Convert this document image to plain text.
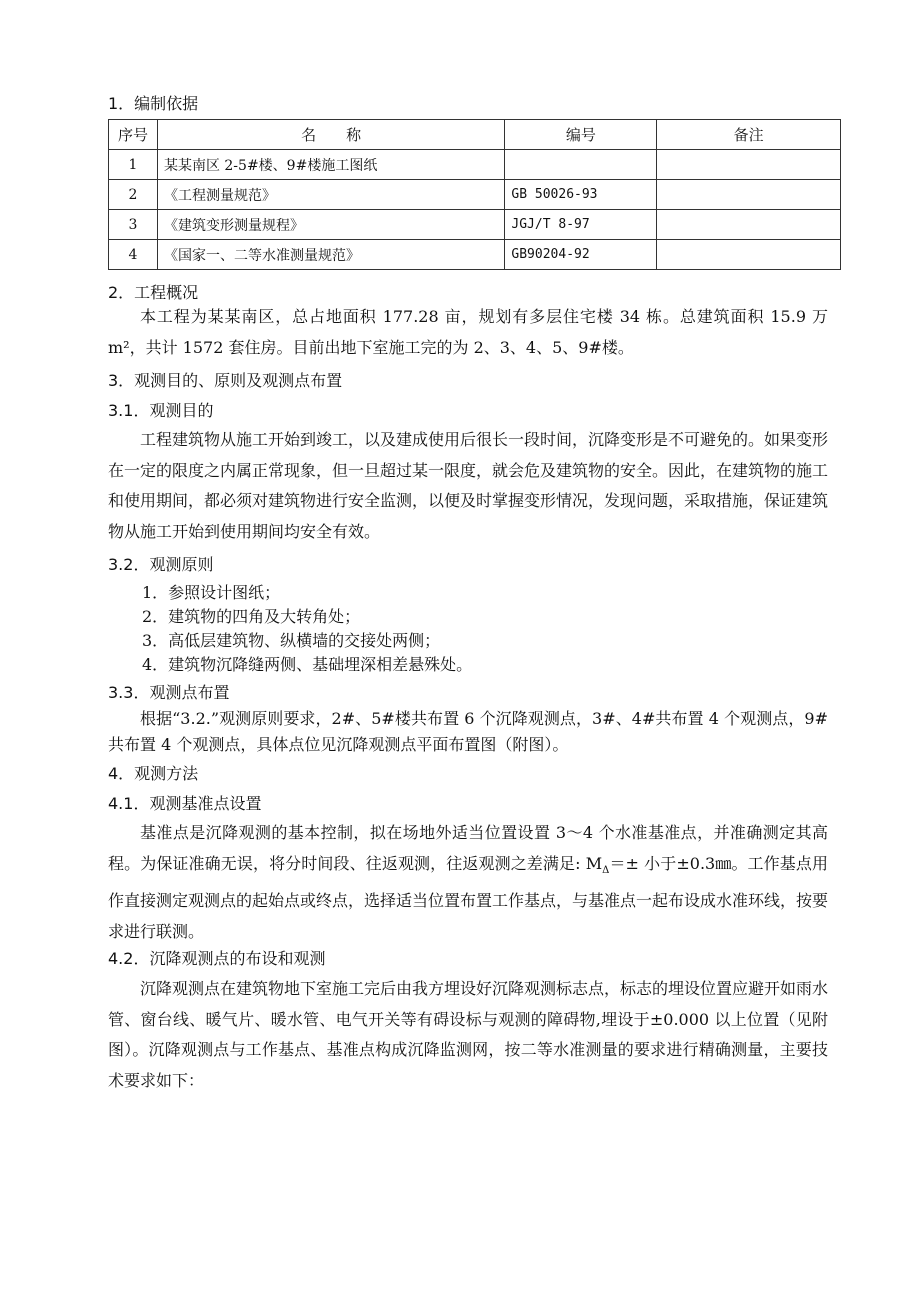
1．编制依据
序号	名　　称	编号	备注
1	某某南区 2-5#楼、9#楼施工图纸		
2	《工程测量规范》	GB 50026-93	
3	《建筑变形测量规程》	JGJ/T 8-97	
4	《国家一、二等水准测量规范》	GB90204-92	
2．工程概况

本工程为某某南区，总占地面积 177.28 亩，规划有多层住宅楼 34 栋。总建筑面积 15.9 万 m²，共计 1572 套住房。目前出地下室施工完的为 2、3、4、5、9#楼。

3．观测目的、原则及观测点布置
3.1．观测目的

工程建筑物从施工开始到竣工，以及建成使用后很长一段时间，沉降变形是不可避免的。如果变形在一定的限度之内属正常现象，但一旦超过某一限度，就会危及建筑物的安全。因此，在建筑物的施工和使用期间，都必须对建筑物进行安全监测，以便及时掌握变形情况，发现问题，采取措施，保证建筑物从施工开始到使用期间均安全有效。

3.2．观测原则
1．参照设计图纸；
2．建筑物的四角及大转角处；
3．高低层建筑物、纵横墙的交接处两侧；
4．建筑物沉降缝两侧、基础埋深相差悬殊处。
3.3．观测点布置

根据“3.2.”观测原则要求，2#、5#楼共布置 6 个沉降观测点，3#、4#共布置 4 个观测点，9#共布置 4 个观测点，具体点位见沉降观测点平面布置图（附图）。

4．观测方法
4.1．观测基准点设置

基准点是沉降观测的基本控制，拟在场地外适当位置设置 3～4 个水准基准点，并准确测定其高程。为保证准确无误，将分时间段、往返观测，往返观测之差满足: $M_\Delta=\pm$ 小于±0.3㎜。工作基点用作直接测定观测点的起始点或终点，选择适当位置布置工作基点，与基准点一起布设成水准环线，按要求进行联测。

4.2．沉降观测点的布设和观测

沉降观测点在建筑物地下室施工完后由我方埋设好沉降观测标志点，标志的埋设位置应避开如雨水管、窗台线、暖气片、暖水管、电气开关等有碍设标与观测的障碍物,埋设于±0.000 以上位置（见附图）。沉降观测点与工作基点、基准点构成沉降监测网，按二等水准测量的要求进行精确测量，主要技术要求如下：
